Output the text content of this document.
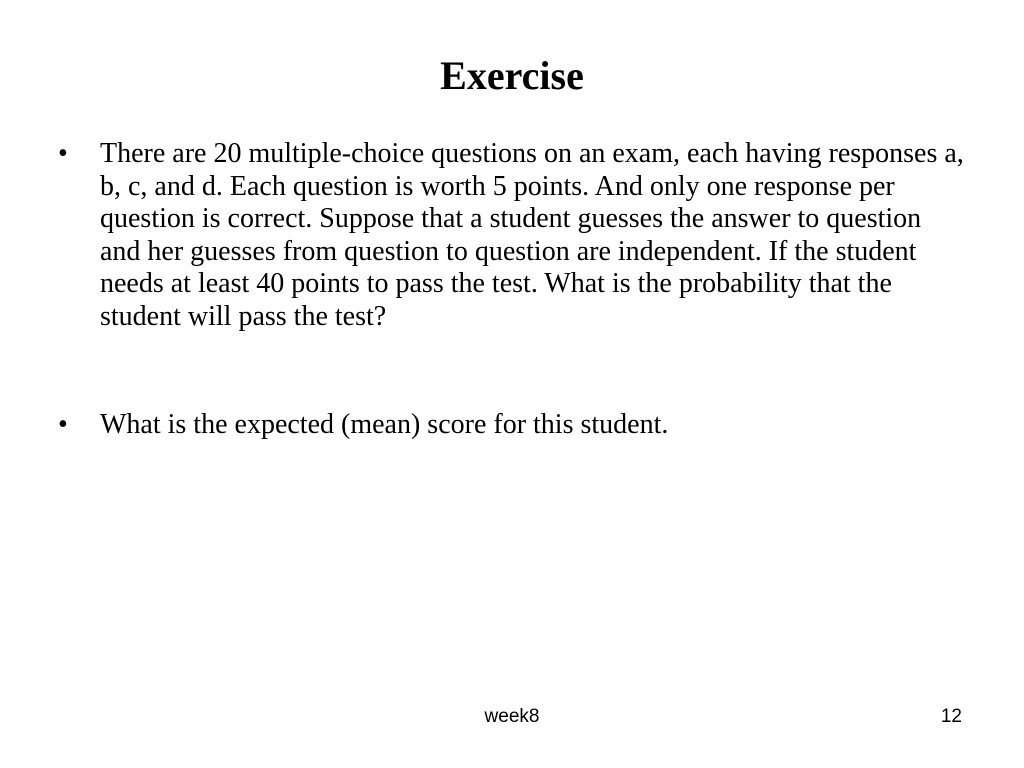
Exercise
•	There are 20 multiple-choice questions on an exam, each having responses a, b, c, and d. Each question is worth 5 points. And only one response per question is correct. Suppose that a student guesses the answer to question and her guesses from question to question are independent. If the student needs at least 40 points to pass the test. What is the probability that the student will pass the test?
•	What is the expected (mean) score for this student.
week8	12
